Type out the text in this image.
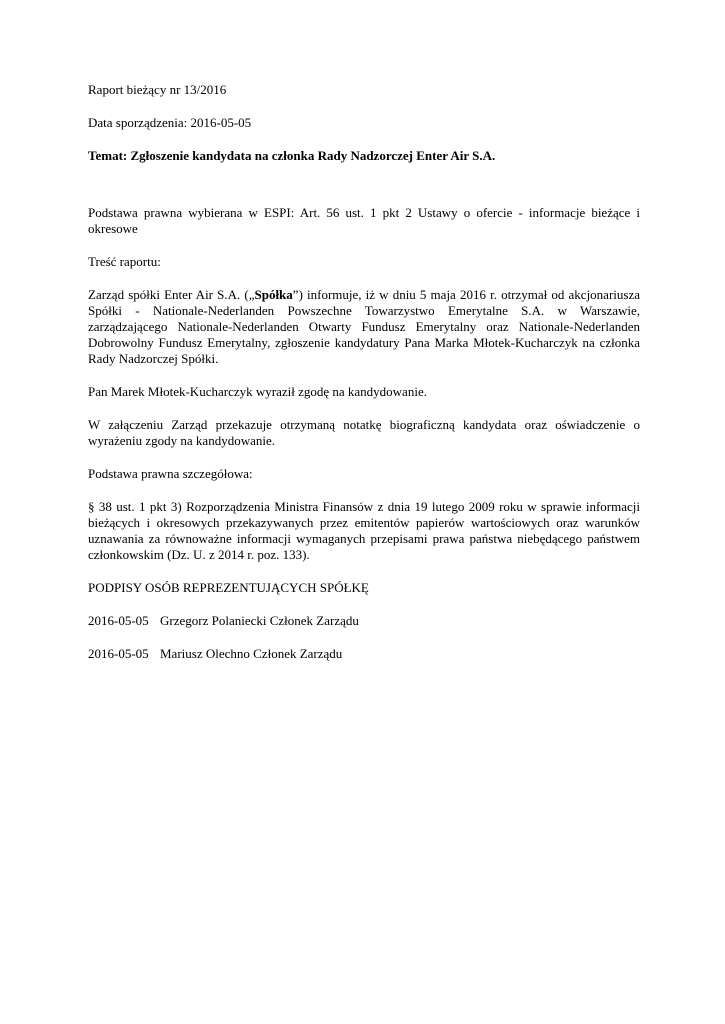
Raport bieżący nr 13/2016

Data sporządzenia: 2016-05-05

Temat: Zgłoszenie kandydata na członka Rady Nadzorczej Enter Air S.A.

Podstawa prawna wybierana w ESPI: Art. 56 ust. 1 pkt 2 Ustawy o ofercie - informacje bieżące i okresowe

Treść raportu:

Zarząd spółki Enter Air S.A. („Spółka”) informuje, iż w dniu 5 maja 2016 r. otrzymał od akcjonariusza Spółki - Nationale-Nederlanden Powszechne Towarzystwo Emerytalne S.A. w Warszawie, zarządzającego Nationale-Nederlanden Otwarty Fundusz Emerytalny oraz Nationale-Nederlanden Dobrowolny Fundusz Emerytalny, zgłoszenie kandydatury Pana Marka Młotek-Kucharczyk na członka Rady Nadzorczej Spółki.

Pan Marek Młotek-Kucharczyk wyraził zgodę na kandydowanie.

W załączeniu Zarząd przekazuje otrzymaną notatkę biograficzną kandydata oraz oświadczenie o wyrażeniu zgody na kandydowanie.

Podstawa prawna szczegółowa:

§ 38 ust. 1 pkt 3) Rozporządzenia Ministra Finansów z dnia 19 lutego 2009 roku w sprawie informacji bieżących i okresowych przekazywanych przez emitentów papierów wartościowych oraz warunków uznawania za równoważne informacji wymaganych przepisami prawa państwa niebędącego państwem członkowskim (Dz. U. z 2014 r. poz. 133).

PODPISY OSÓB REPREZENTUJĄCYCH SPÓŁKĘ

2016-05-05 Grzegorz Polaniecki Członek Zarządu

2016-05-05 Mariusz Olechno Członek Zarządu
